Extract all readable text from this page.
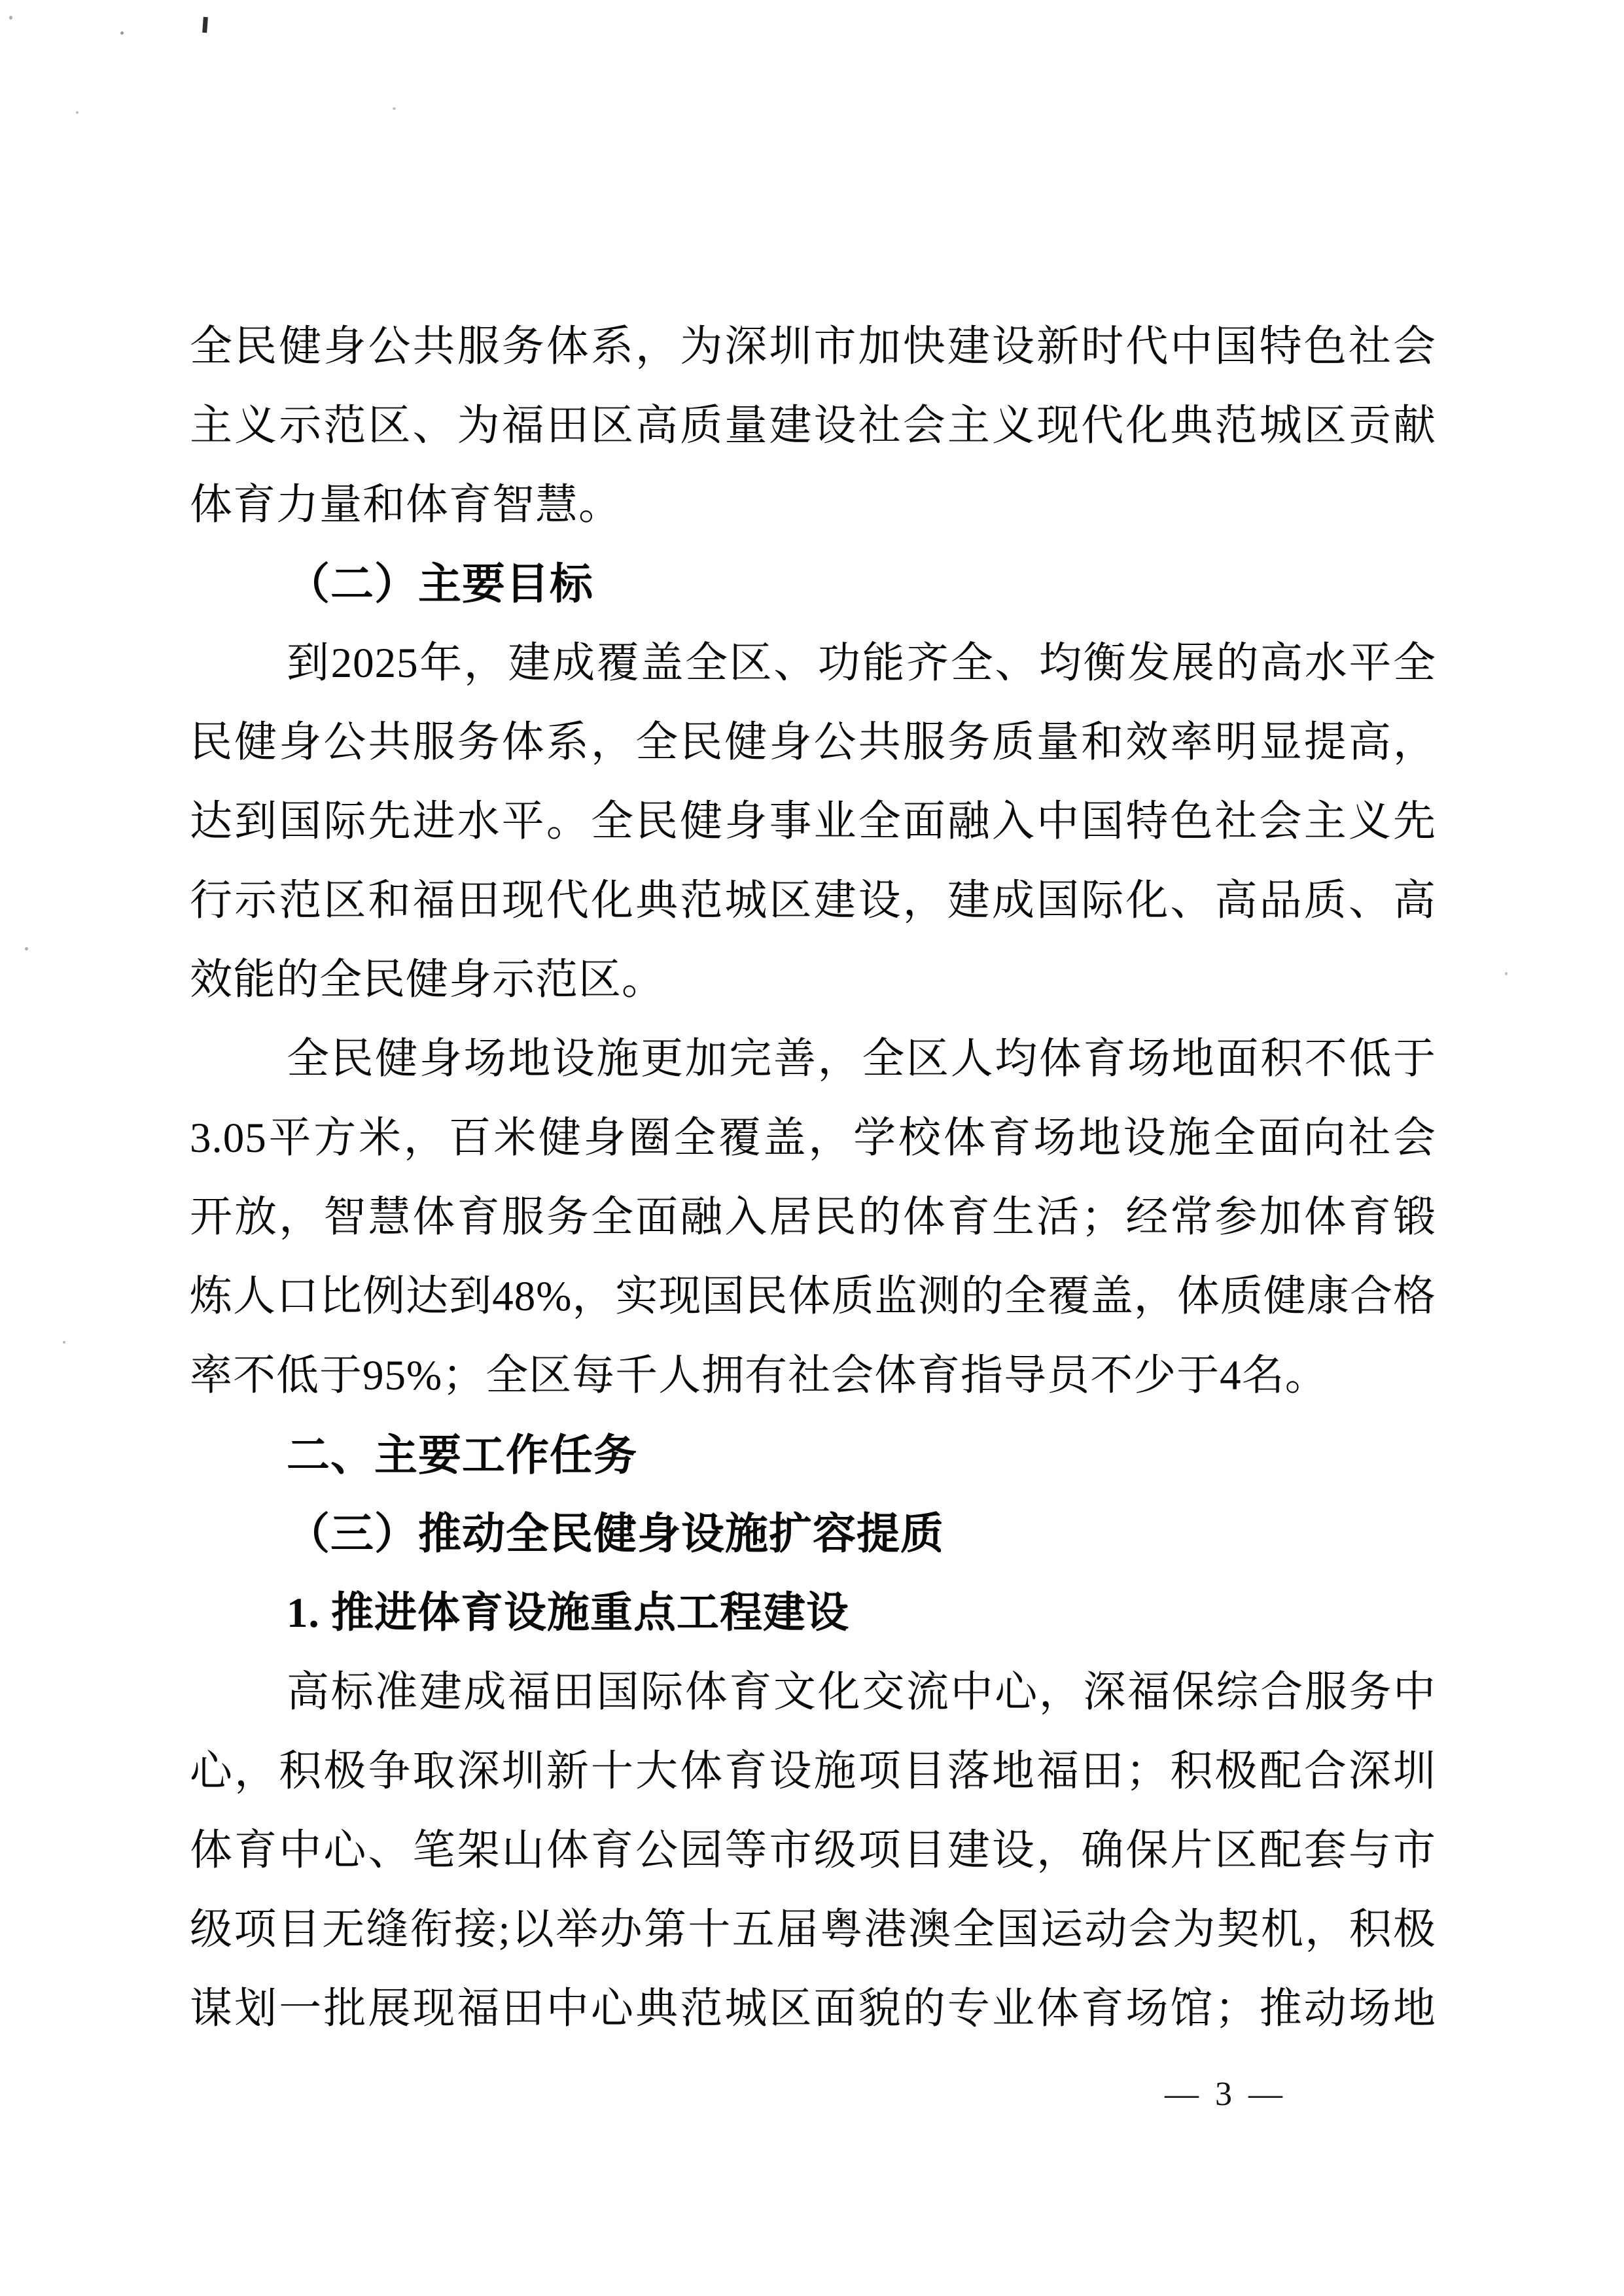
全民健身公共服务体系，为深圳市加快建设新时代中国特色社会
主义示范区、为福田区高质量建设社会主义现代化典范城区贡献
体育力量和体育智慧。
（二）主要目标
到2025年，建成覆盖全区、功能齐全、均衡发展的高水平全
民健身公共服务体系，全民健身公共服务质量和效率明显提高，
达到国际先进水平。全民健身事业全面融入中国特色社会主义先
行示范区和福田现代化典范城区建设，建成国际化、高品质、高
效能的全民健身示范区。
全民健身场地设施更加完善，全区人均体育场地面积不低于
3.05平方米，百米健身圈全覆盖，学校体育场地设施全面向社会
开放，智慧体育服务全面融入居民的体育生活；经常参加体育锻
炼人口比例达到48%，实现国民体质监测的全覆盖，体质健康合格
率不低于95%；全区每千人拥有社会体育指导员不少于4名。
二、主要工作任务
（三）推动全民健身设施扩容提质
1. 推进体育设施重点工程建设
高标准建成福田国际体育文化交流中心，深福保综合服务中
心，积极争取深圳新十大体育设施项目落地福田；积极配合深圳
体育中心、笔架山体育公园等市级项目建设，确保片区配套与市
级项目无缝衔接;以举办第十五届粤港澳全国运动会为契机，积极
谋划一批展现福田中心典范城区面貌的专业体育场馆；推动场地
— 3 —
